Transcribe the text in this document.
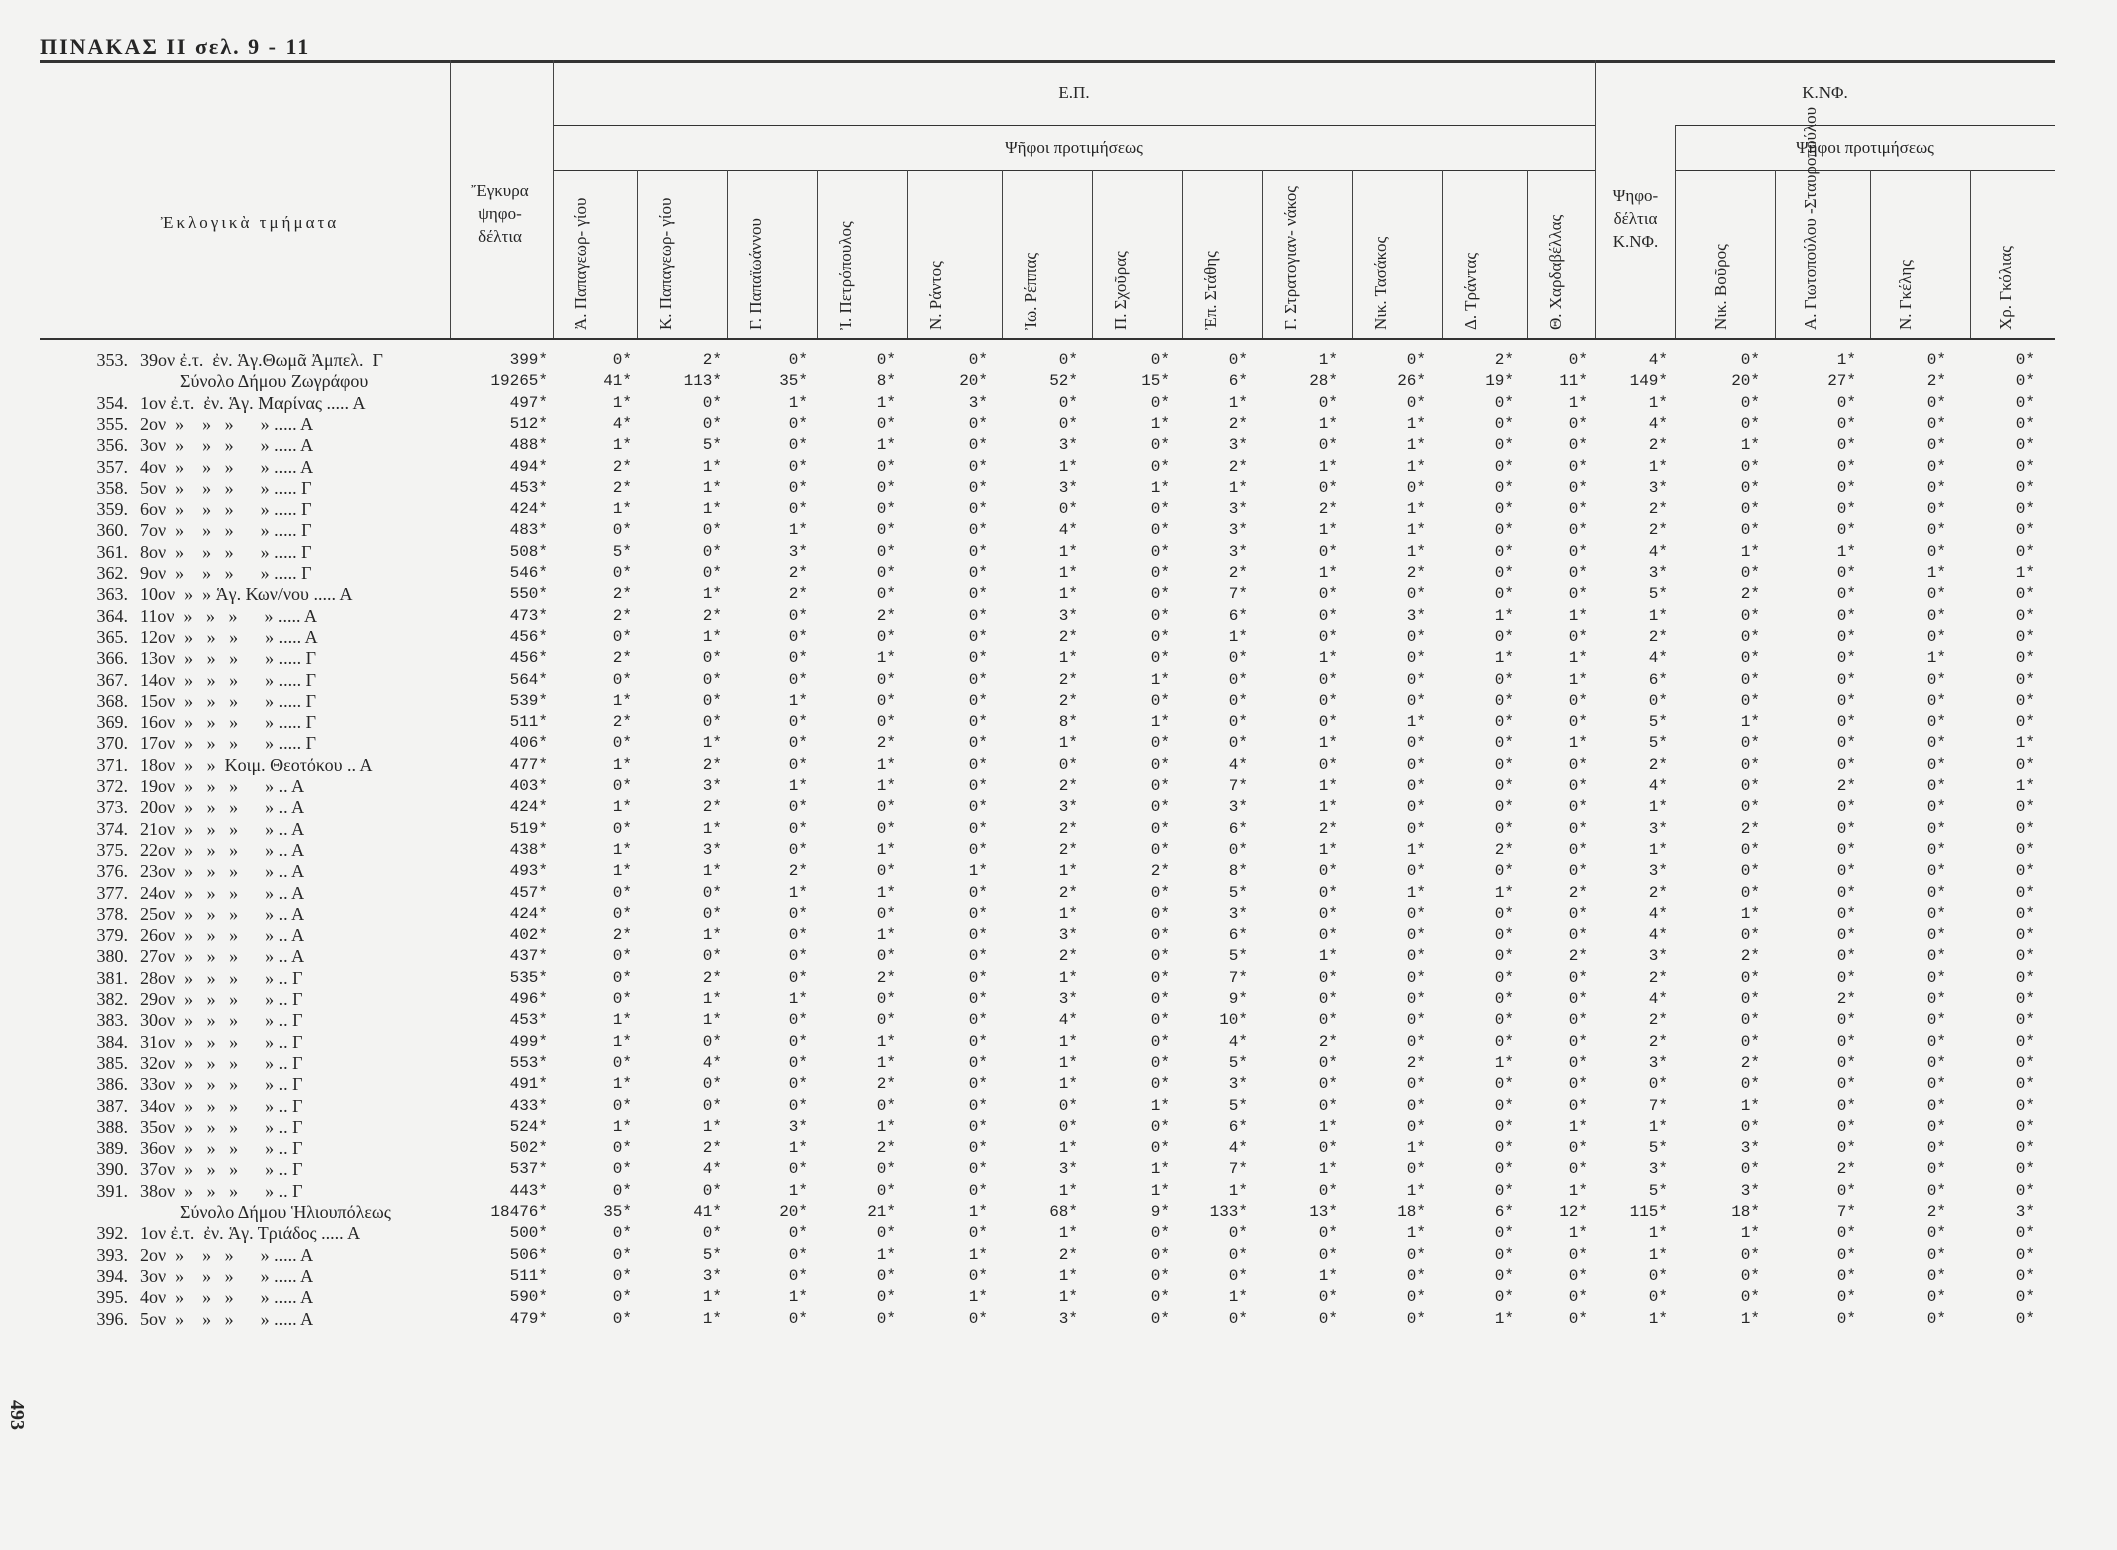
ΠΙΝΑΚΑΣ ΙΙ σελ. 9 - 11
493
Ἐκλογικὰ τμήματα
Ἔγκυρα ψηφο- δέλτια
Ε.Π.
Ψῆφοι προτιμήσεως
Κ.ΝΦ.
Ψηφο- δέλτια Κ.ΝΦ.
Ψῆφοι προτιμήσεως
Ἀ. Παπαγεωρ- γίου	Κ. Παπαγεωρ- γίου	Γ. Παπαϊωάννου	Ἰ. Πετρόπουλος	Ν. Ράντος	Ἰω. Ρέππας	Π. Σχοῦρας	Ἐπ. Στάθης	Γ. Στρατογιαν- νάκος	Νικ. Τασάκος	Δ. Τράντας	Θ. Χαρδαβέλλας	Νικ. Βοῦρος	Α. Γιωτοπούλου -Σταυροπούλου	Ν. Γκέλης	Χρ. Γκόλιας
353. 39ον ἐ.τ.  ἐν. Ἁγ.Θωμᾶ Ἀμπελ.  Γ	399*	0*	2*	0*	0*	0*	0*	0*	0*	1*	0*	2*	0*	4*	0*	1*	0*	0*
Σύνολο Δήμου Ζωγράφου	19265*	41*	113*	35*	8*	20*	52*	15*	6*	28*	26*	19*	11*	149*	20*	27*	2*	0*
354. 1ον ἐ.τ.  ἐν. Ἁγ. Μαρίνας ..... Α	497*	1*	0*	1*	1*	3*	0*	0*	1*	0*	0*	0*	1*	1*	0*	0*	0*	0*
355. 2ον  »    »   »      » ..... Α	512*	4*	0*	0*	0*	0*	0*	1*	2*	1*	1*	0*	0*	4*	0*	0*	0*	0*
356. 3ον  »    »   »      » ..... Α	488*	1*	5*	0*	1*	0*	3*	0*	3*	0*	1*	0*	0*	2*	1*	0*	0*	0*
357. 4ον  »    »   »      » ..... Α	494*	2*	1*	0*	0*	0*	1*	0*	2*	1*	1*	0*	0*	1*	0*	0*	0*	0*
358. 5ον  »    »   »      » ..... Γ	453*	2*	1*	0*	0*	0*	3*	1*	1*	0*	0*	0*	0*	3*	0*	0*	0*	0*
359. 6ον  »    »   »      » ..... Γ	424*	1*	1*	0*	0*	0*	0*	0*	3*	2*	1*	0*	0*	2*	0*	0*	0*	0*
360. 7ον  »    »   »      » ..... Γ	483*	0*	0*	1*	0*	0*	4*	0*	3*	1*	1*	0*	0*	2*	0*	0*	0*	0*
361. 8ον  »    »   »      » ..... Γ	508*	5*	0*	3*	0*	0*	1*	0*	3*	0*	1*	0*	0*	4*	1*	1*	0*	0*
362. 9ον  »    »   »      » ..... Γ	546*	0*	0*	2*	0*	0*	1*	0*	2*	1*	2*	0*	0*	3*	0*	0*	1*	1*
363. 10ον  »  » Ἁγ. Κων/νου ..... Α	550*	2*	1*	2*	0*	0*	1*	0*	7*	0*	0*	0*	0*	5*	2*	0*	0*	0*
364. 11ον  »   »   »      » ..... Α	473*	2*	2*	0*	2*	0*	3*	0*	6*	0*	3*	1*	1*	1*	0*	0*	0*	0*
365. 12ον  »   »   »      » ..... Α	456*	0*	1*	0*	0*	0*	2*	0*	1*	0*	0*	0*	0*	2*	0*	0*	0*	0*
366. 13ον  »   »   »      » ..... Γ	456*	2*	0*	0*	1*	0*	1*	0*	0*	1*	0*	1*	1*	4*	0*	0*	1*	0*
367. 14ον  »   »   »      » ..... Γ	564*	0*	0*	0*	0*	0*	2*	1*	0*	0*	0*	0*	1*	6*	0*	0*	0*	0*
368. 15ον  »   »   »      » ..... Γ	539*	1*	0*	1*	0*	0*	2*	0*	0*	0*	0*	0*	0*	0*	0*	0*	0*	0*
369. 16ον  »   »   »      » ..... Γ	511*	2*	0*	0*	0*	0*	8*	1*	0*	0*	1*	0*	0*	5*	1*	0*	0*	0*
370. 17ον  »   »   »      » ..... Γ	406*	0*	1*	0*	2*	0*	1*	0*	0*	1*	0*	0*	1*	5*	0*	0*	0*	1*
371. 18ον  »   »  Κοιμ. Θεοτόκου .. Α	477*	1*	2*	0*	1*	0*	0*	0*	4*	0*	0*	0*	0*	2*	0*	0*	0*	0*
372. 19ον  »   »   »      » .. Α	403*	0*	3*	1*	1*	0*	2*	0*	7*	1*	0*	0*	0*	4*	0*	2*	0*	1*
373. 20ον  »   »   »      » .. Α	424*	1*	2*	0*	0*	0*	3*	0*	3*	1*	0*	0*	0*	1*	0*	0*	0*	0*
374. 21ον  »   »   »      » .. Α	519*	0*	1*	0*	0*	0*	2*	0*	6*	2*	0*	0*	0*	3*	2*	0*	0*	0*
375. 22ον  »   »   »      » .. Α	438*	1*	3*	0*	1*	0*	2*	0*	0*	1*	1*	2*	0*	1*	0*	0*	0*	0*
376. 23ον  »   »   »      » .. Α	493*	1*	1*	2*	0*	1*	1*	2*	8*	0*	0*	0*	0*	3*	0*	0*	0*	0*
377. 24ον  »   »   »      » .. Α	457*	0*	0*	1*	1*	0*	2*	0*	5*	0*	1*	1*	2*	2*	0*	0*	0*	0*
378. 25ον  »   »   »      » .. Α	424*	0*	0*	0*	0*	0*	1*	0*	3*	0*	0*	0*	0*	4*	1*	0*	0*	0*
379. 26ον  »   »   »      » .. Α	402*	2*	1*	0*	1*	0*	3*	0*	6*	0*	0*	0*	0*	4*	0*	0*	0*	0*
380. 27ον  »   »   »      » .. Α	437*	0*	0*	0*	0*	0*	2*	0*	5*	1*	0*	0*	2*	3*	2*	0*	0*	0*
381. 28ον  »   »   »      » .. Γ	535*	0*	2*	0*	2*	0*	1*	0*	7*	0*	0*	0*	0*	2*	0*	0*	0*	0*
382. 29ον  »   »   »      » .. Γ	496*	0*	1*	1*	0*	0*	3*	0*	9*	0*	0*	0*	0*	4*	0*	2*	0*	0*
383. 30ον  »   »   »      » .. Γ	453*	1*	1*	0*	0*	0*	4*	0*	10*	0*	0*	0*	0*	2*	0*	0*	0*	0*
384. 31ον  »   »   »      » .. Γ	499*	1*	0*	0*	1*	0*	1*	0*	4*	2*	0*	0*	0*	2*	0*	0*	0*	0*
385. 32ον  »   »   »      » .. Γ	553*	0*	4*	0*	1*	0*	1*	0*	5*	0*	2*	1*	0*	3*	2*	0*	0*	0*
386. 33ον  »   »   »      » .. Γ	491*	1*	0*	0*	2*	0*	1*	0*	3*	0*	0*	0*	0*	0*	0*	0*	0*	0*
387. 34ον  »   »   »      » .. Γ	433*	0*	0*	0*	0*	0*	0*	1*	5*	0*	0*	0*	0*	7*	1*	0*	0*	0*
388. 35ον  »   »   »      » .. Γ	524*	1*	1*	3*	1*	0*	0*	0*	6*	1*	0*	0*	1*	1*	0*	0*	0*	0*
389. 36ον  »   »   »      » .. Γ	502*	0*	2*	1*	2*	0*	1*	0*	4*	0*	1*	0*	0*	5*	3*	0*	0*	0*
390. 37ον  »   »   »      » .. Γ	537*	0*	4*	0*	0*	0*	3*	1*	7*	1*	0*	0*	0*	3*	0*	2*	0*	0*
391. 38ον  »   »   »      » .. Γ	443*	0*	0*	1*	0*	0*	1*	1*	1*	0*	1*	0*	1*	5*	3*	0*	0*	0*
Σύνολο Δήμου Ἡλιουπόλεως	18476*	35*	41*	20*	21*	1*	68*	9*	133*	13*	18*	6*	12*	115*	18*	7*	2*	3*
392. 1ον ἐ.τ.  ἐν. Ἁγ. Τριάδος ..... Α	500*	0*	0*	0*	0*	0*	1*	0*	0*	0*	1*	0*	1*	1*	1*	0*	0*	0*
393. 2ον  »    »   »      » ..... Α	506*	0*	5*	0*	1*	1*	2*	0*	0*	0*	0*	0*	0*	1*	0*	0*	0*	0*
394. 3ον  »    »   »      » ..... Α	511*	0*	3*	0*	0*	0*	1*	0*	0*	1*	0*	0*	0*	0*	0*	0*	0*	0*
395. 4ον  »    »   »      » ..... Α	590*	0*	1*	1*	0*	1*	1*	0*	1*	0*	0*	0*	0*	0*	0*	0*	0*	0*
396. 5ον  »    »   »      » ..... Α	479*	0*	1*	0*	0*	0*	3*	0*	0*	0*	0*	1*	0*	1*	1*	0*	0*	0*
